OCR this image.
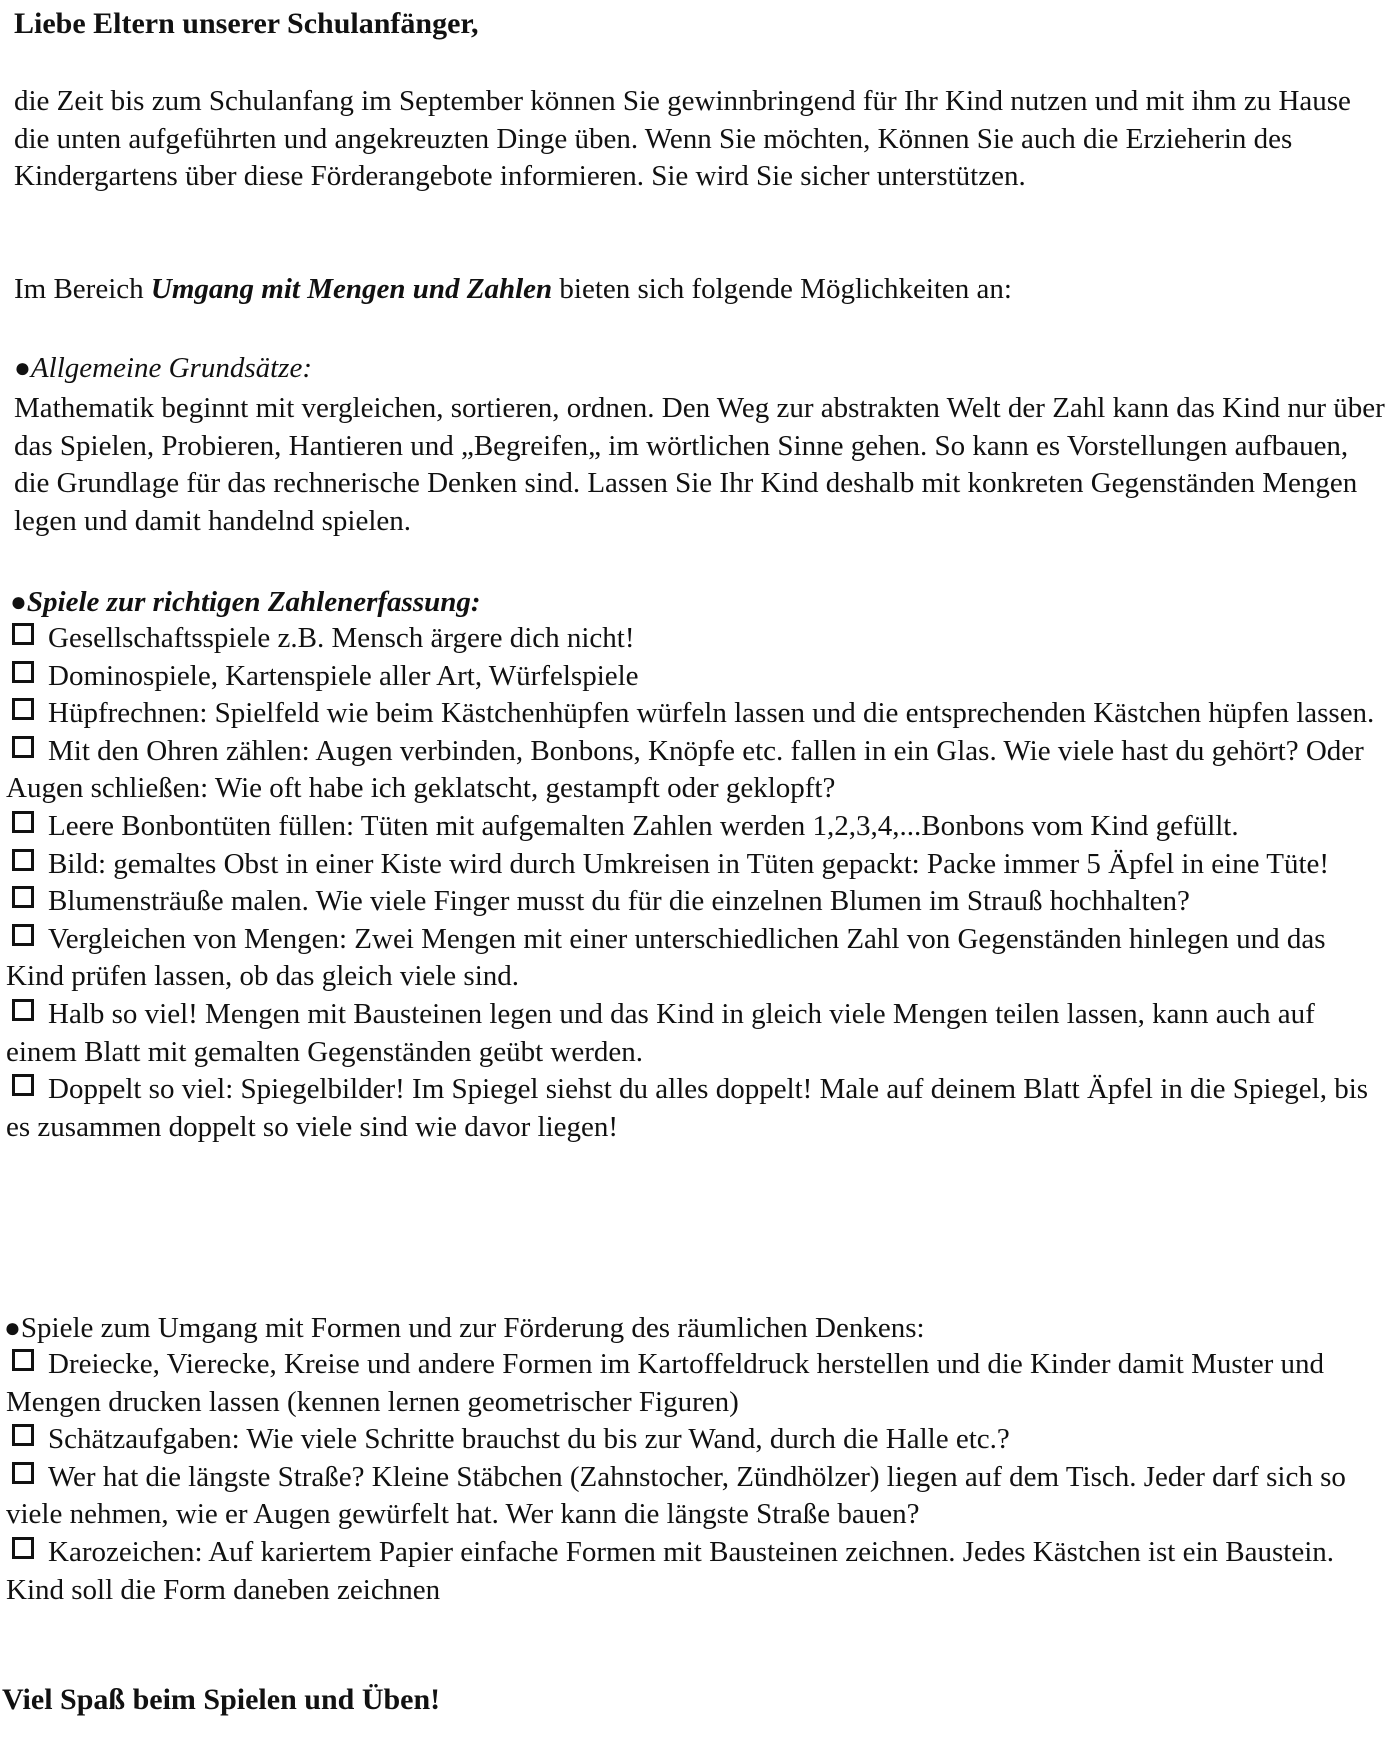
Liebe Eltern unserer Schulanfänger,

die Zeit bis zum Schulanfang im September können Sie gewinnbringend für Ihr Kind nutzen und mit ihm zu Hause die unten aufgeführten und angekreuzten Dinge üben. Wenn Sie möchten, Können Sie auch die Erzieherin des Kindergartens über diese Förderangebote informieren. Sie wird Sie sicher unterstützen.

Im Bereich Umgang mit Mengen und Zahlen bieten sich folgende Möglichkeiten an:

●Allgemeine Grundsätze:

Mathematik beginnt mit vergleichen, sortieren, ordnen. Den Weg zur abstrakten Welt der Zahl kann das Kind nur über das Spielen, Probieren, Hantieren und „Begreifen„ im wörtlichen Sinne gehen. So kann es Vorstellungen aufbauen, die Grundlage für das rechnerische Denken sind. Lassen Sie Ihr Kind deshalb mit konkreten Gegenständen Mengen legen und damit handelnd spielen.

●Spiele zur richtigen Zahlenerfassung:

Gesellschaftsspiele z.B. Mensch ärgere dich nicht!
Dominospiele, Kartenspiele aller Art, Würfelspiele
Hüpfrechnen: Spielfeld wie beim Kästchenhüpfen würfeln lassen und die entsprechenden Kästchen hüpfen lassen.
Mit den Ohren zählen: Augen verbinden, Bonbons, Knöpfe etc. fallen in ein Glas. Wie viele hast du gehört? Oder Augen schließen: Wie oft habe ich geklatscht, gestampft oder geklopft?
Leere Bonbontüten füllen: Tüten mit aufgemalten Zahlen werden 1,2,3,4,...Bonbons vom Kind gefüllt.
Bild: gemaltes Obst in einer Kiste wird durch Umkreisen in Tüten gepackt: Packe immer 5 Äpfel in eine Tüte!
Blumensträuße malen. Wie viele Finger musst du für die einzelnen Blumen im Strauß hochhalten?
Vergleichen von Mengen: Zwei Mengen mit einer unterschiedlichen Zahl von Gegenständen hinlegen und das Kind prüfen lassen, ob das gleich viele sind.
Halb so viel! Mengen mit Bausteinen legen und das Kind in gleich viele Mengen teilen lassen, kann auch auf einem Blatt mit gemalten Gegenständen geübt werden.
Doppelt so viel: Spiegelbilder! Im Spiegel siehst du alles doppelt! Male auf deinem Blatt Äpfel in die Spiegel, bis es zusammen doppelt so viele sind wie davor liegen!

●Spiele zum Umgang mit Formen und zur Förderung des räumlichen Denkens:

Dreiecke, Vierecke, Kreise und andere Formen im Kartoffeldruck herstellen und die Kinder damit Muster und Mengen drucken lassen (kennen lernen geometrischer Figuren)
Schätzaufgaben: Wie viele Schritte brauchst du bis zur Wand, durch die Halle etc.?
Wer hat die längste Straße? Kleine Stäbchen (Zahnstocher, Zündhölzer) liegen auf dem Tisch. Jeder darf sich so viele nehmen, wie er Augen gewürfelt hat. Wer kann die längste Straße bauen?
Karozeichen: Auf kariertem Papier einfache Formen mit Bausteinen zeichnen. Jedes Kästchen ist ein Baustein. Kind soll die Form daneben zeichnen

Viel Spaß beim Spielen und Üben!
